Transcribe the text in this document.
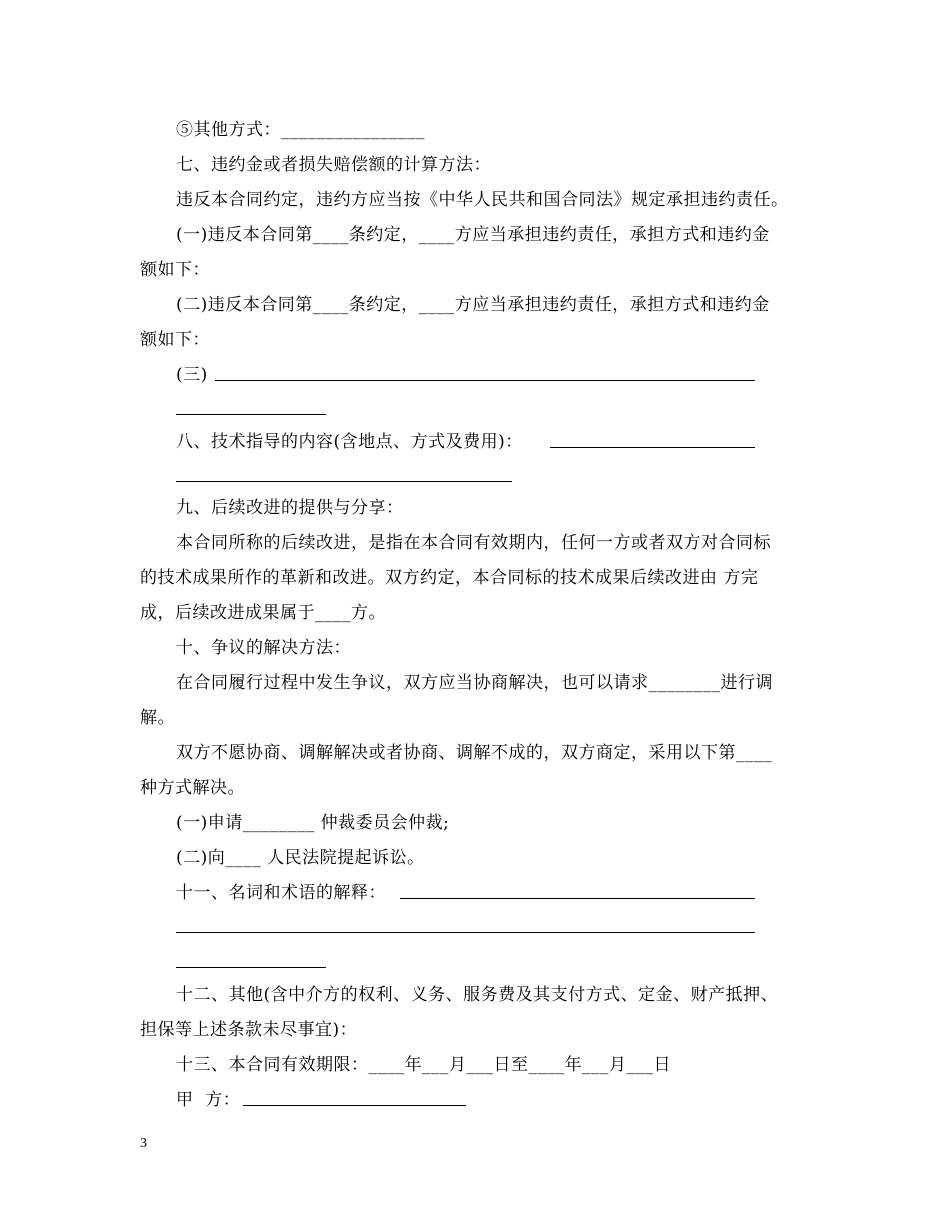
⑤其他方式：________________
七、违约金或者损失赔偿额的计算方法：
违反本合同约定，违约方应当按《中华人民共和国合同法》规定承担违约责任。
(一)违反本合同第____条约定，____方应当承担违约责任，承担方式和违约金
额如下：
(二)违反本合同第____条约定，____方应当承担违约责任，承担方式和违约金
额如下：
(三)
八、技术指导的内容(含地点、方式及费用)：
九、后续改进的提供与分享：
本合同所称的后续改进，是指在本合同有效期内，任何一方或者双方对合同标
的技术成果所作的革新和改进。双方约定，本合同标的技术成果后续改进由 方完
成，后续改进成果属于____方。
十、争议的解决方法：
在合同履行过程中发生争议，双方应当协商解决，也可以请求________进行调
解。
双方不愿协商、调解解决或者协商、调解不成的，双方商定，采用以下第____
种方式解决。
(一)申请________ 仲裁委员会仲裁;
(二)向____ 人民法院提起诉讼。
十一、名词和术语的解释：
十二、其他(含中介方的权利、义务、服务费及其支付方式、定金、财产抵押、
担保等上述条款未尽事宜)：
十三、本合同有效期限：____年___月___日至____年___月___日
甲  方：
3
